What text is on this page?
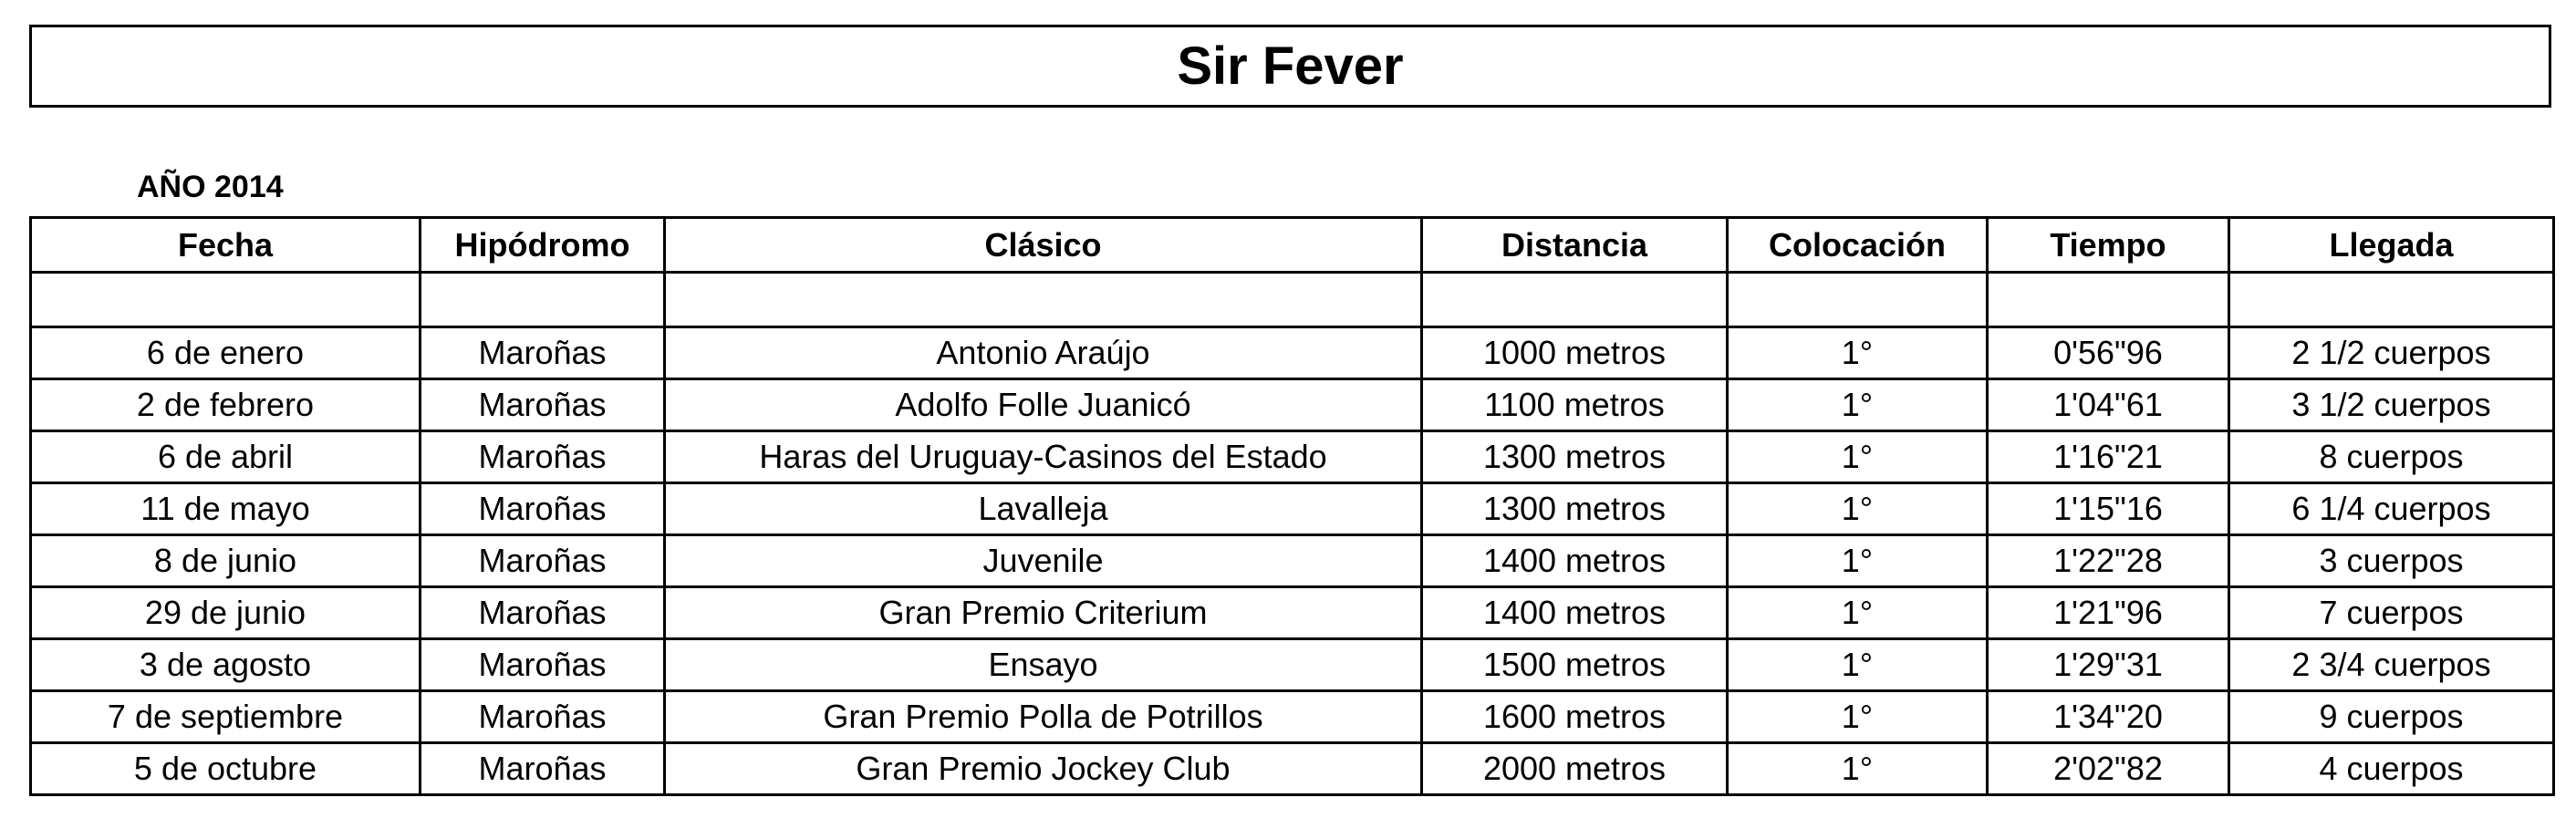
Sir Fever
AÑO 2014
Fecha	Hipódromo	Clásico	Distancia	Colocación	Tiempo	Llegada

6 de enero	Maroñas	Antonio Araújo	1000 metros	1°	0'56"96	2 1/2 cuerpos
2 de febrero	Maroñas	Adolfo Folle Juanicó	1100 metros	1°	1'04"61	3 1/2 cuerpos
6 de abril	Maroñas	Haras del Uruguay-Casinos del Estado	1300 metros	1°	1'16"21	8 cuerpos
11 de mayo	Maroñas	Lavalleja	1300 metros	1°	1'15"16	6 1/4 cuerpos
8 de junio	Maroñas	Juvenile	1400 metros	1°	1'22"28	3 cuerpos
29 de junio	Maroñas	Gran Premio Criterium	1400 metros	1°	1'21"96	7 cuerpos
3 de agosto	Maroñas	Ensayo	1500 metros	1°	1'29"31	2 3/4 cuerpos
7 de septiembre	Maroñas	Gran Premio Polla de Potrillos	1600 metros	1°	1'34"20	9 cuerpos
5 de octubre	Maroñas	Gran Premio Jockey Club	2000 metros	1°	2'02"82	4 cuerpos
